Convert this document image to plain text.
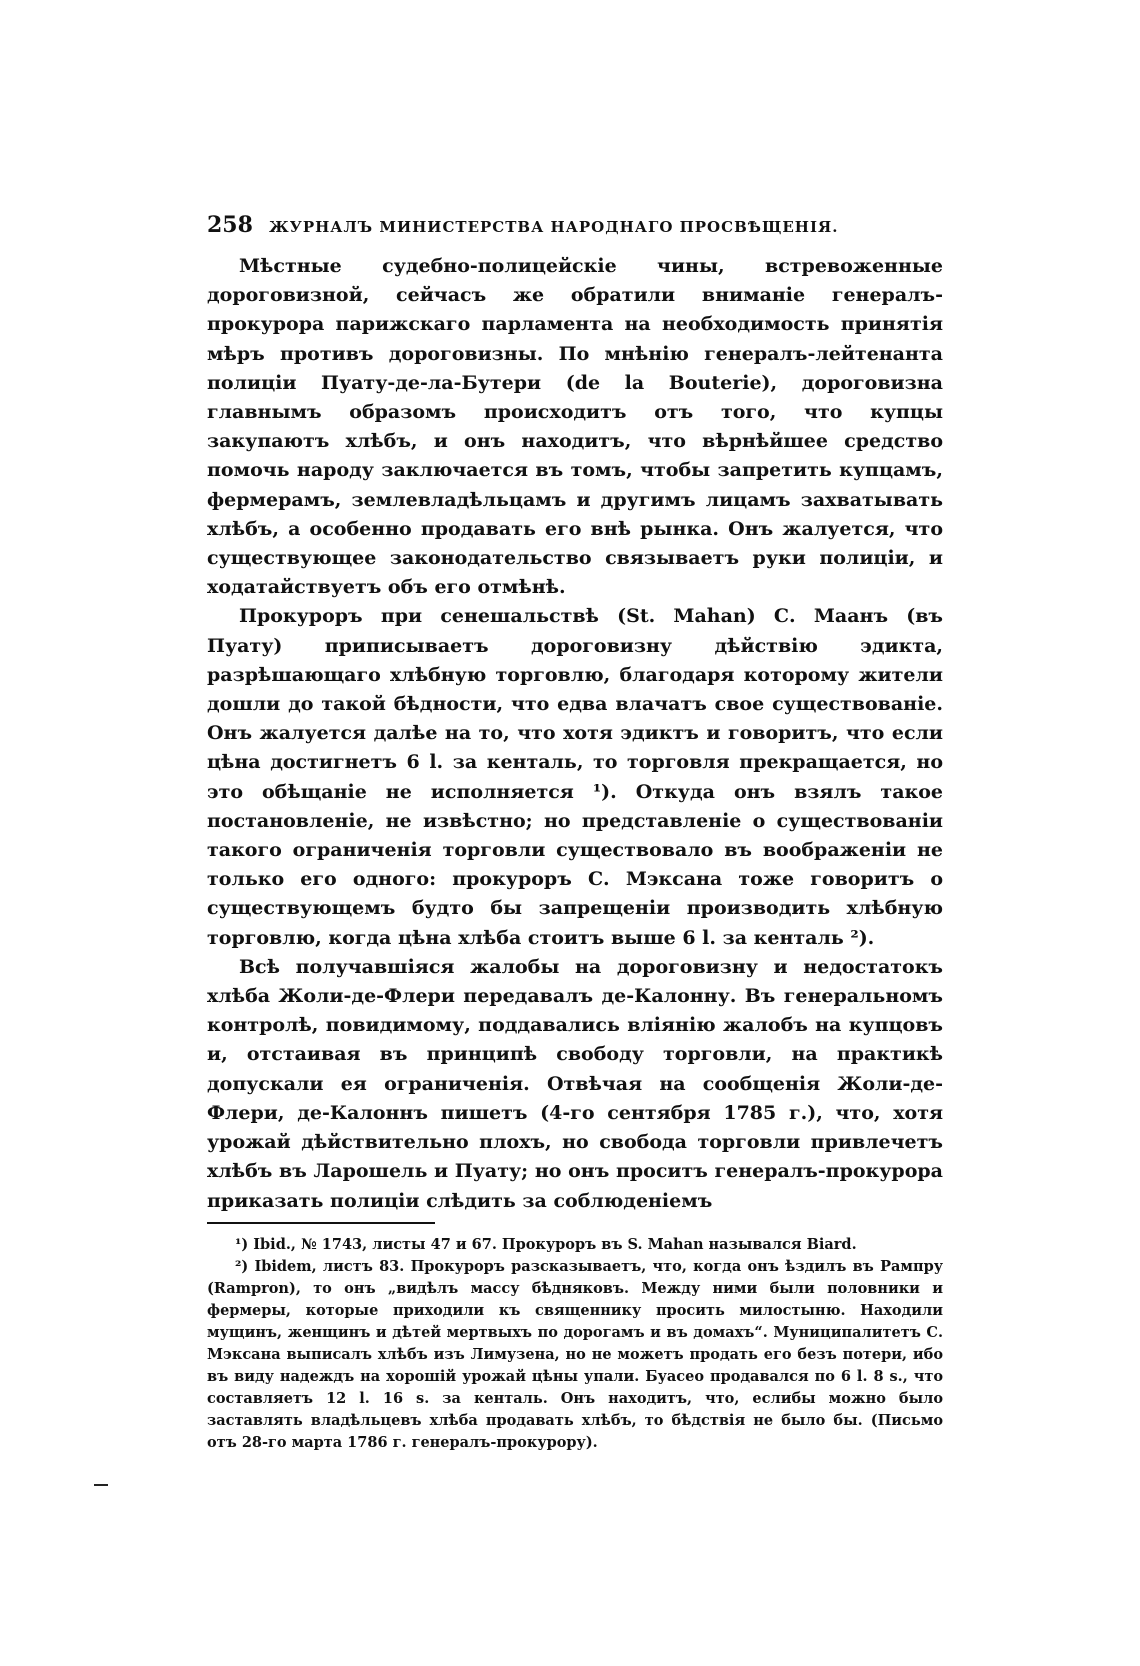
258	ЖУРНАЛЪ МИНИСТЕРСТВА НАРОДНАГО ПРОСВѢЩЕНIЯ.

Мѣстные судебно-полицейскiе чины, встревоженные дороговизной, сейчасъ же обратили вниманiе генералъ-прокурора парижскаго парламента на необходимость принятiя мѣръ противъ дороговизны. По мнѣнiю генералъ-лейтенанта полицiи Пуату-де-ла-Бутери (de la Bouterie), дороговизна главнымъ образомъ происходитъ отъ того, что купцы закупаютъ хлѣбъ, и онъ находитъ, что вѣрнѣйшее средство помочь народу заключается въ томъ, чтобы запретить купцамъ, фермерамъ, землевладѣльцамъ и другимъ лицамъ захватывать хлѣбъ, а особенно продавать его внѣ рынка. Онъ жалуется, что существующее законодательство связываетъ руки полицiи, и ходатайствуетъ объ его отмѣнѣ.

Прокуроръ при сенешальствѣ (St. Mahan) С. Маанъ (въ Пуату) приписываетъ дороговизну дѣйствiю эдикта, разрѣшающаго хлѣбную торговлю, благодаря которому жители дошли до такой бѣдности, что едва влачатъ свое существованiе. Онъ жалуется далѣе на то, что хотя эдиктъ и говоритъ, что если цѣна достигнетъ 6 l. за кенталь, то торговля прекращается, но это обѣщанiе не исполняется ¹). Откуда онъ взялъ такое постановленiе, не извѣстно; но представленiе о существованiи такого ограниченiя торговли существовало въ воображенiи не только его одного: прокуроръ С. Мэксана тоже говоритъ о существующемъ будто бы запрещенiи производить хлѣбную торговлю, когда цѣна хлѣба стоитъ выше 6 l. за кенталь ²).

Всѣ получавшiяся жалобы на дороговизну и недостатокъ хлѣба Жоли-де-Флери передавалъ де-Калонну. Въ генеральномъ контролѣ, повидимому, поддавались влiянiю жалобъ на купцовъ и, отстаивая въ принципѣ свободу торговли, на практикѣ допускали ея ограниченiя. Отвѣчая на сообщенiя Жоли-де-Флери, де-Калоннъ пишетъ (4-го сентября 1785 г.), что, хотя урожай дѣйствительно плохъ, но свобода торговли привлечетъ хлѣбъ въ Ларошель и Пуату; но онъ проситъ генералъ-прокурора приказать полицiи слѣдить за соблюденiемъ

¹) Ibid., № 1743, листы 47 и 67. Прокуроръ въ S. Mahan назывался Biard.

²) Ibidem, листъ 83. Прокуроръ разсказываетъ, что, когда онъ ѣздилъ въ Рампру (Rampron), то онъ „видѣлъ массу бѣдняковъ. Между ними были половники и фермеры, которые приходили къ священнику просить милостыню. Находили мущинъ, женщинъ и дѣтей мертвыхъ по дорогамъ и въ домахъ“. Муниципалитетъ С. Мэксана выписалъ хлѣбъ изъ Лимузена, но не можетъ продать его безъ потери, ибо въ виду надеждъ на хорошiй урожай цѣны упали. Буасео продавался по 6 l. 8 s., что составляетъ 12 l. 16 s. за кенталь. Онъ находитъ, что, еслибы можно было заставлять владѣльцевъ хлѣба продавать хлѣбъ, то бѣдствiя не было бы. (Письмо отъ 28-го марта 1786 г. генералъ-прокурору).
